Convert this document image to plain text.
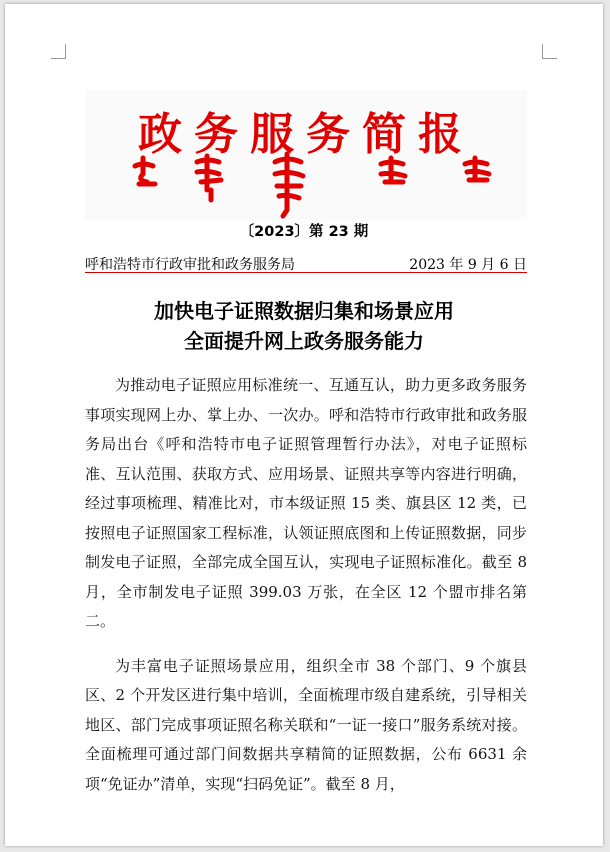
政务服务简报
〔2023〕第 23 期
呼和浩特市行政审批和政务服务局	2023 年 9 月 6 日
加快电子证照数据归集和场景应用
全面提升网上政务服务能力

为推动电子证照应用标准统一、互通互认，助力更多政务服务事项实现网上办、掌上办、一次办。呼和浩特市行政审批和政务服务局出台《呼和浩特市电子证照管理暂行办法》，对电子证照标准、互认范围、获取方式、应用场景、证照共享等内容进行明确，经过事项梳理、精准比对，市本级证照 15 类、旗县区 12 类，已按照电子证照国家工程标准，认领证照底图和上传证照数据，同步制发电子证照，全部完成全国互认，实现电子证照标准化。截至 8 月，全市制发电子证照 399.03 万张，在全区 12 个盟市排名第二。

为丰富电子证照场景应用，组织全市 38 个部门、9 个旗县区、2 个开发区进行集中培训，全面梳理市级自建系统，引导相关地区、部门完成事项证照名称关联和“一证一接口”服务系统对接。全面梳理可通过部门间数据共享精简的证照数据，公布 6631 余项“免证办”清单，实现“扫码免证”。截至 8 月，
